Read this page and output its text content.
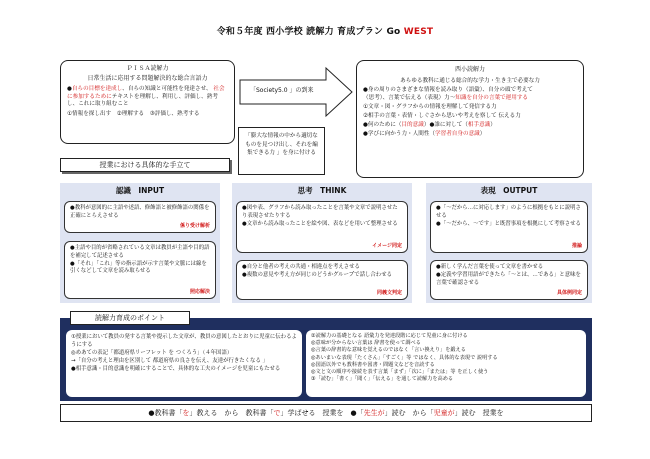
令和５年度 西小学校 読解力 育成プラン Go WEST
ＰＩＳＡ読解力
日常生活に応用する問題解決的な総合言語力
●自らの目標を達成し、自らの知識と可能性を発達させ、 社会に参加するためにテキストを理解し、利用し、評価し、熟考し、これに取り組むこと
①情報を探し出す　②理解する　③評価し、熟考する
「Society5.0 」の到来
「膨大な情報の中から適切なものを見つけ出し、それを編集できる力 」を身に付ける
西小読解力
あらゆる教科に通じる総合的な学力・生き主で必要な力
●身の周りのさまざまな情報を読み取り（語彙）、自分の頭で考えて
（思考）、言葉で伝える（表現）力～知識を自分の言葉で運用する
①文章・図・グラフからの情報を理解して発信する力
②相手の言葉・表情・しぐさから思いや考えを察して 伝える力
●何のために（目的意識）●誰に対して（相手意識）
●学びに向かう力・人間性（学習者自身の意識）
授業における具体的な手立て
認識　INPUT
●教科が意図的に主語や述語、修飾語と被修飾語の関係を正確にとらえさせる
係り受け解析
●主語や目的が省略されている文章は教員が主語や目的語を補完して記述させる
●「それ」「これ」等の指示語が示す言葉や文脈には線を引くなどして文章を読み取らせる
照応解決
思考　THINK
●図や表、グラフから読み取ったことを言葉や文章で説明させたり表現させたりする
●文章から読み取ったことを絵や図、表などを用いて整理させる
イメージ同定
●自分と他者の考えの共通・相違点を考えさせる
●複数の意見や考え方が同じのどうかグループで話し合わせる
同義文判定
表現　OUTPUT
●「～だから…に対応します」のように根拠をもとに説明させる
●「～だから、～です」と既習事項を根拠にして考察させる
推論
●新しく学んだ言葉を使って文章を書かせる
●定義や学習用語ができたら「～とは、…である」と意味を言葉で確認させる
具体例同定
読解力育成のポイント
①授業において教員の発する言葉や提示した文章が、教員の意図したとおりに児童に伝わるようにする
◎めあての表記「都道府県リーフレット を つくろう」（４年国語）
→「自分の考えと理由を区別して 都道府県の良さを伝え、友達が行きたくなる 」
●相手意識・目的意識を明確にすることで、具体的な工夫のイメージを児童にもたせる
②読解力の基礎となる 語彙力を発達段階に応じて児童に身に付ける
◎意味が分からない言葉は 辞書を使って調べる
◎言葉の辞書的な意味を覚えるのではなく「言い換えり」を鍛える
◎あいまいな表現「たくさん」「すごく」等 ではなく、具体的な表現で 説明する
◎国語以外でも教科書や図書・問題文などを音読する
◎文と文の順序や接続を表す言葉「まず」「次に」「または」等 を正しく使う
③「読む」「書く」「聞く」「伝える」を通して読解力を高める
●教科書「を」教える　から　教科書「で」学ばせる　授業を　●「先生が」読む　から「児童が」読む　授業を
